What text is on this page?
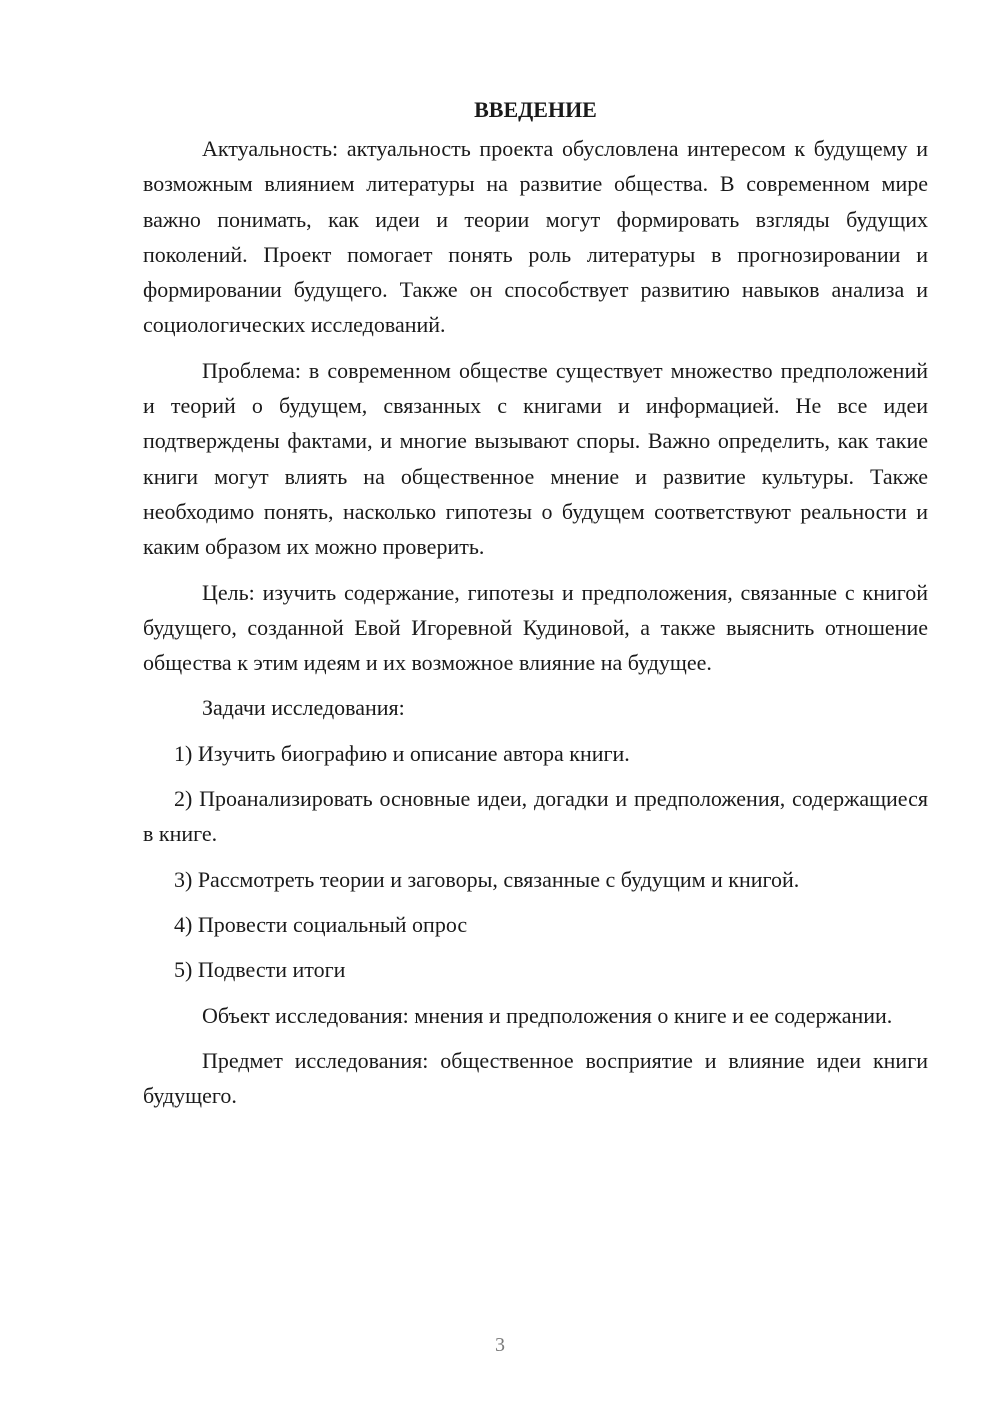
ВВЕДЕНИЕ

Актуальность: актуальность проекта обусловлена интересом к будущему и возможным влиянием литературы на развитие общества. В современном мире важно понимать, как идеи и теории могут формировать взгляды будущих поколений. Проект помогает понять роль литературы в прогнозировании и формировании будущего. Также он способствует развитию навыков анализа и социологических исследований.

Проблема: в современном обществе существует множество предположений и теорий о будущем, связанных с книгами и информацией. Не все идеи подтверждены фактами, и многие вызывают споры. Важно определить, как такие книги могут влиять на общественное мнение и развитие культуры. Также необходимо понять, насколько гипотезы о будущем соответствуют реальности и каким образом их можно проверить.

Цель: изучить содержание, гипотезы и предположения, связанные с книгой будущего, созданной Евой Игоревной Кудиновой, а также выяснить отношение общества к этим идеям и их возможное влияние на будущее.

Задачи исследования:

1) Изучить биографию и описание автора книги.

2) Проанализировать основные идеи, догадки и предположения, содержащиеся в книге.

3) Рассмотреть теории и заговоры, связанные с будущим и книгой.

4) Провести социальный опрос

5) Подвести итоги

Объект исследования: мнения и предположения о книге и ее содержании.

Предмет исследования: общественное восприятие и влияние идеи книги будущего.

3
